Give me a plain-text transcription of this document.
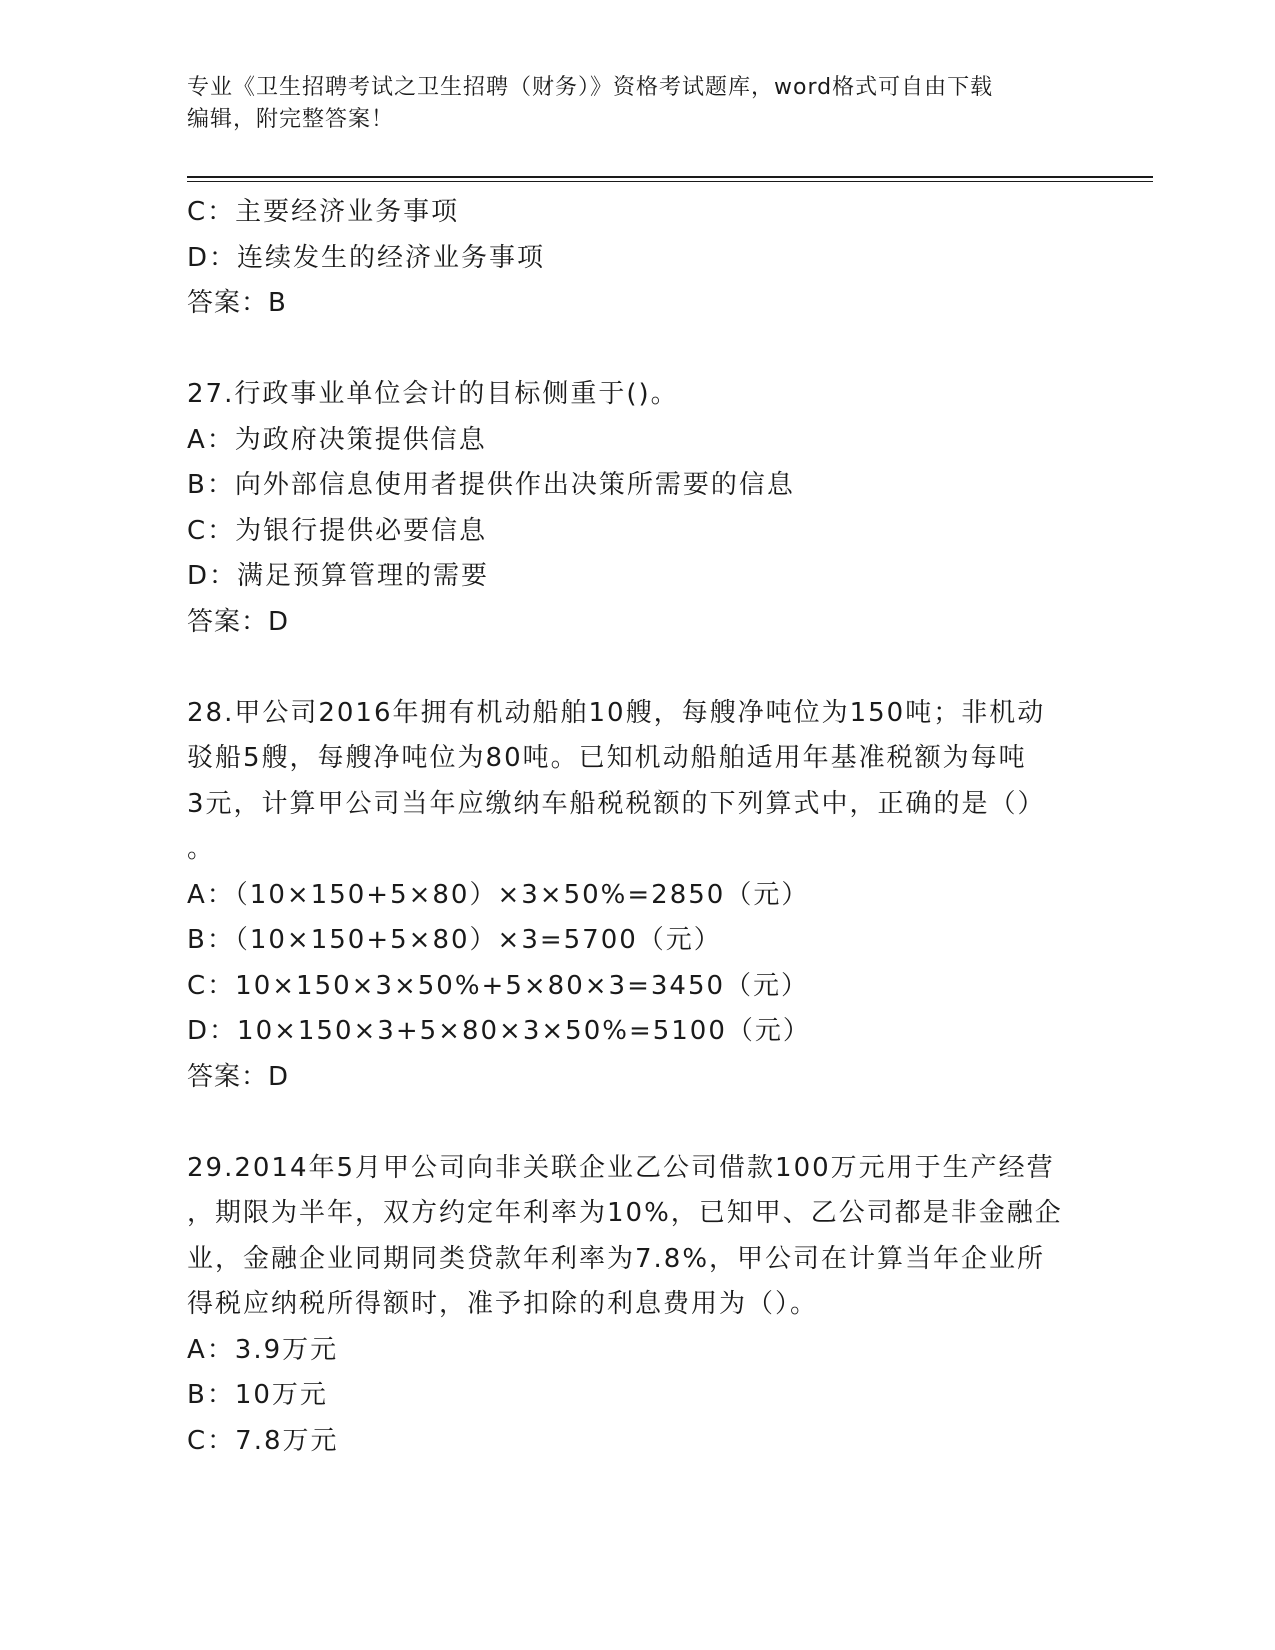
专业《卫生招聘考试之卫生招聘（财务）》资格考试题库，word格式可自由下载
编辑，附完整答案！
C：主要经济业务事项
D：连续发生的经济业务事项
答案：B
27.行政事业单位会计的目标侧重于()。
A：为政府决策提供信息
B：向外部信息使用者提供作出决策所需要的信息
C：为银行提供必要信息
D：满足预算管理的需要
答案：D
28.甲公司2016年拥有机动船舶10艘，每艘净吨位为150吨；非机动
驳船5艘，每艘净吨位为80吨。已知机动船舶适用年基准税额为每吨
3元，计算甲公司当年应缴纳车船税税额的下列算式中，正确的是（）
。
A：（10×150+5×80）×3×50%=2850（元）
B：（10×150+5×80）×3=5700（元）
C：10×150×3×50%+5×80×3=3450（元）
D：10×150×3+5×80×3×50%=5100（元）
答案：D
29.2014年5月甲公司向非关联企业乙公司借款100万元用于生产经营
，期限为半年，双方约定年利率为10%，已知甲、乙公司都是非金融企
业，金融企业同期同类贷款年利率为7.8%，甲公司在计算当年企业所
得税应纳税所得额时，准予扣除的利息费用为（）。
A：3.9万元
B：10万元
C：7.8万元
